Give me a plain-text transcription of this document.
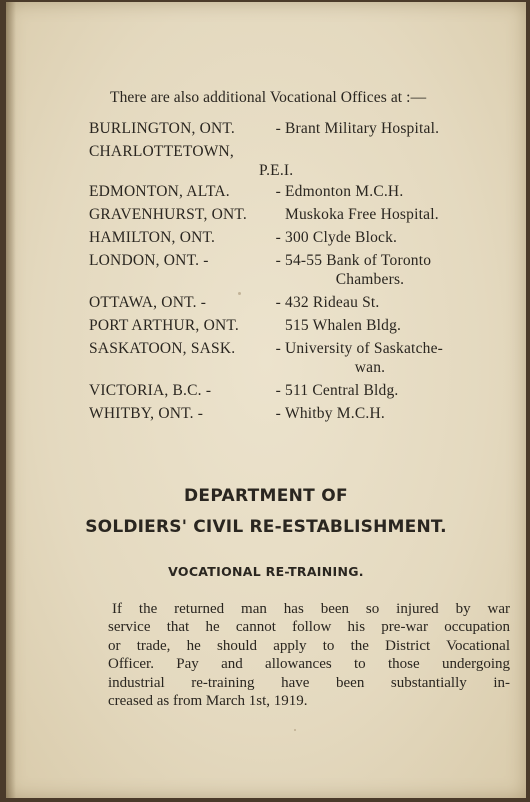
There are also additional Vocational Offices at :—
BURLINGTON, ONT.	- Brant Military Hospital.
CHARLOTTETOWN,
P.E.I.
EDMONTON, ALTA.	- Edmonton M.C.H.
GRAVENHURST, ONT. Muskoka Free Hospital.
HAMILTON, ONT.	- 300 Clyde Block.
LONDON, ONT. -	- 54-55 Bank of Toronto
Chambers.
OTTAWA, ONT. -	- 432 Rideau St.
PORT ARTHUR, ONT.	515 Whalen Bldg.
SASKATOON, SASK.	- University of Saskatche-
wan.
VICTORIA, B.C. -	- 511 Central Bldg.
WHITBY, ONT. -	- Whitby M.C.H.
DEPARTMENT OF
SOLDIERS' CIVIL RE-ESTABLISHMENT.
VOCATIONAL RE-TRAINING.
If the returned man has been so injured by war
service that he cannot follow his pre-war occupation
or trade, he should apply to the District Vocational
Officer. Pay and allowances to those undergoing
industrial re-training have been substantially in-
creased as from March 1st, 1919.
